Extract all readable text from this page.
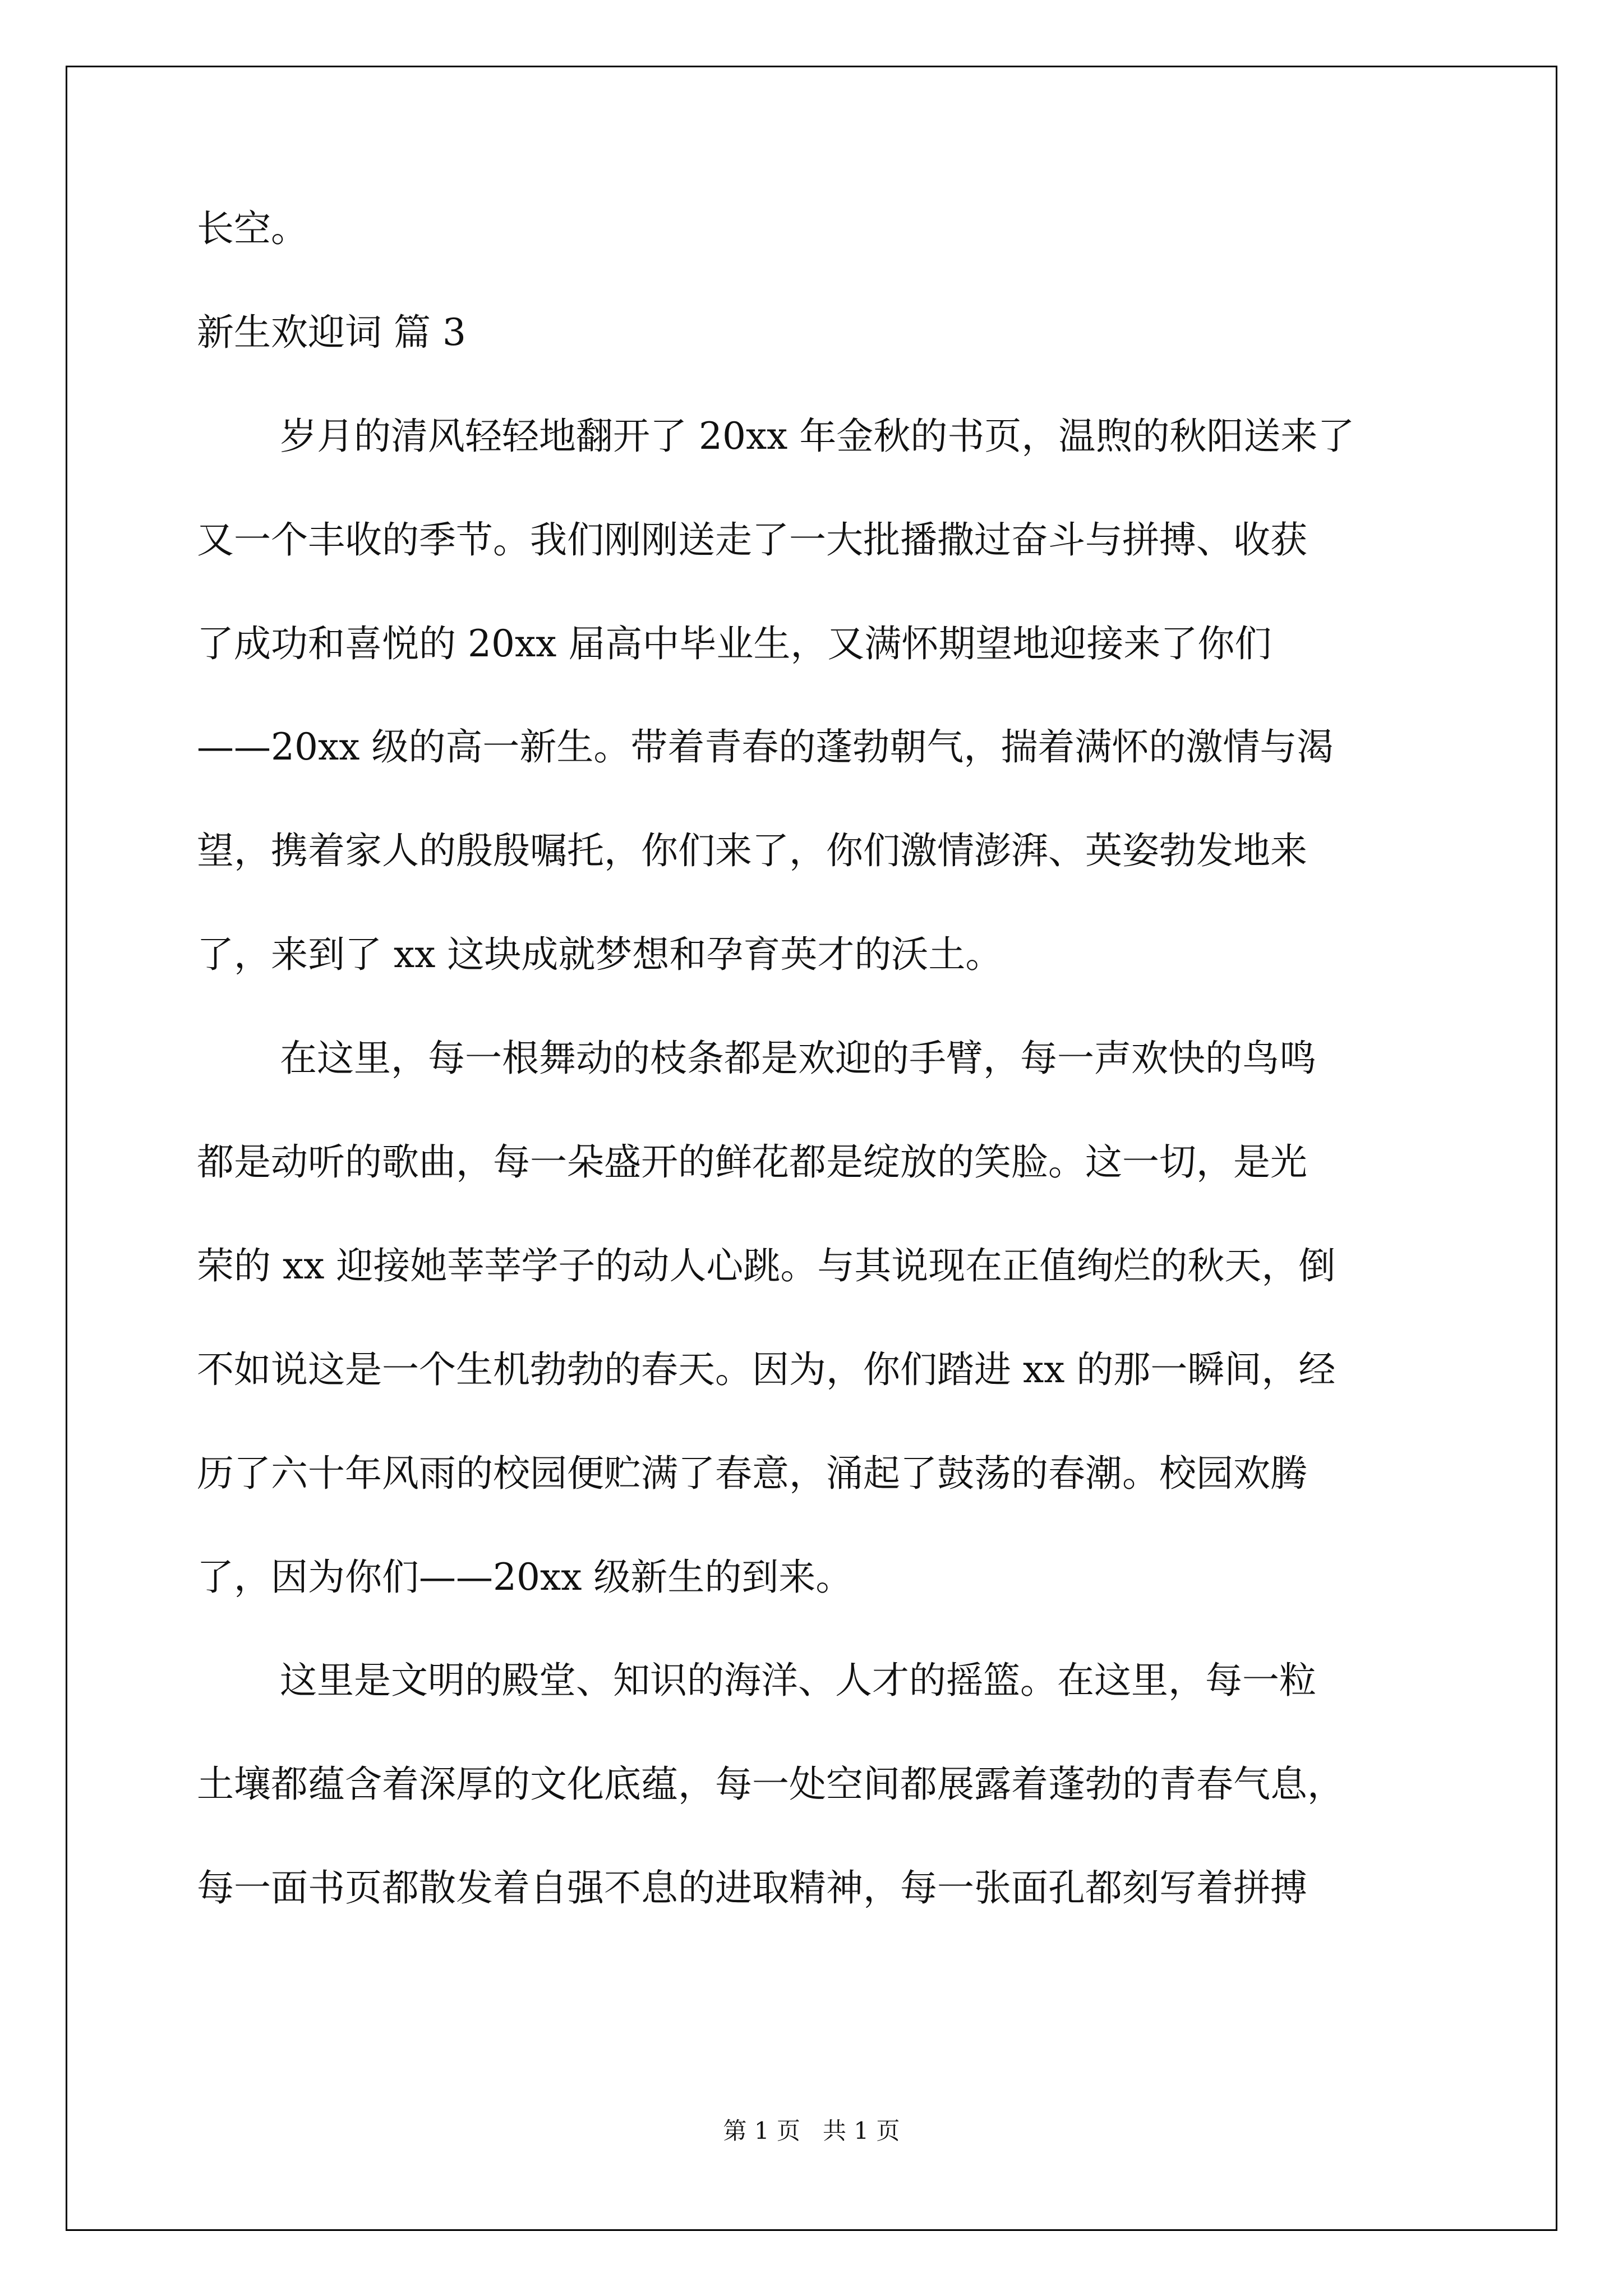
长空。
新生欢迎词 篇 3
岁月的清风轻轻地翻开了 20xx 年金秋的书页，温煦的秋阳送来了
又一个丰收的季节。我们刚刚送走了一大批播撒过奋斗与拼搏、收获
了成功和喜悦的 20xx 届高中毕业生，又满怀期望地迎接来了你们
——20xx 级的高一新生。带着青春的蓬勃朝气，揣着满怀的激情与渴
望，携着家人的殷殷嘱托，你们来了，你们激情澎湃、英姿勃发地来
了，来到了 xx 这块成就梦想和孕育英才的沃土。
在这里，每一根舞动的枝条都是欢迎的手臂，每一声欢快的鸟鸣
都是动听的歌曲，每一朵盛开的鲜花都是绽放的笑脸。这一切，是光
荣的 xx 迎接她莘莘学子的动人心跳。与其说现在正值绚烂的秋天，倒
不如说这是一个生机勃勃的春天。因为，你们踏进 xx 的那一瞬间，经
历了六十年风雨的校园便贮满了春意，涌起了鼓荡的春潮。校园欢腾
了，因为你们——20xx 级新生的到来。
这里是文明的殿堂、知识的海洋、人才的摇篮。在这里，每一粒
土壤都蕴含着深厚的文化底蕴，每一处空间都展露着蓬勃的青春气息，
每一面书页都散发着自强不息的进取精神，每一张面孔都刻写着拼搏
第 1 页   共 1 页
